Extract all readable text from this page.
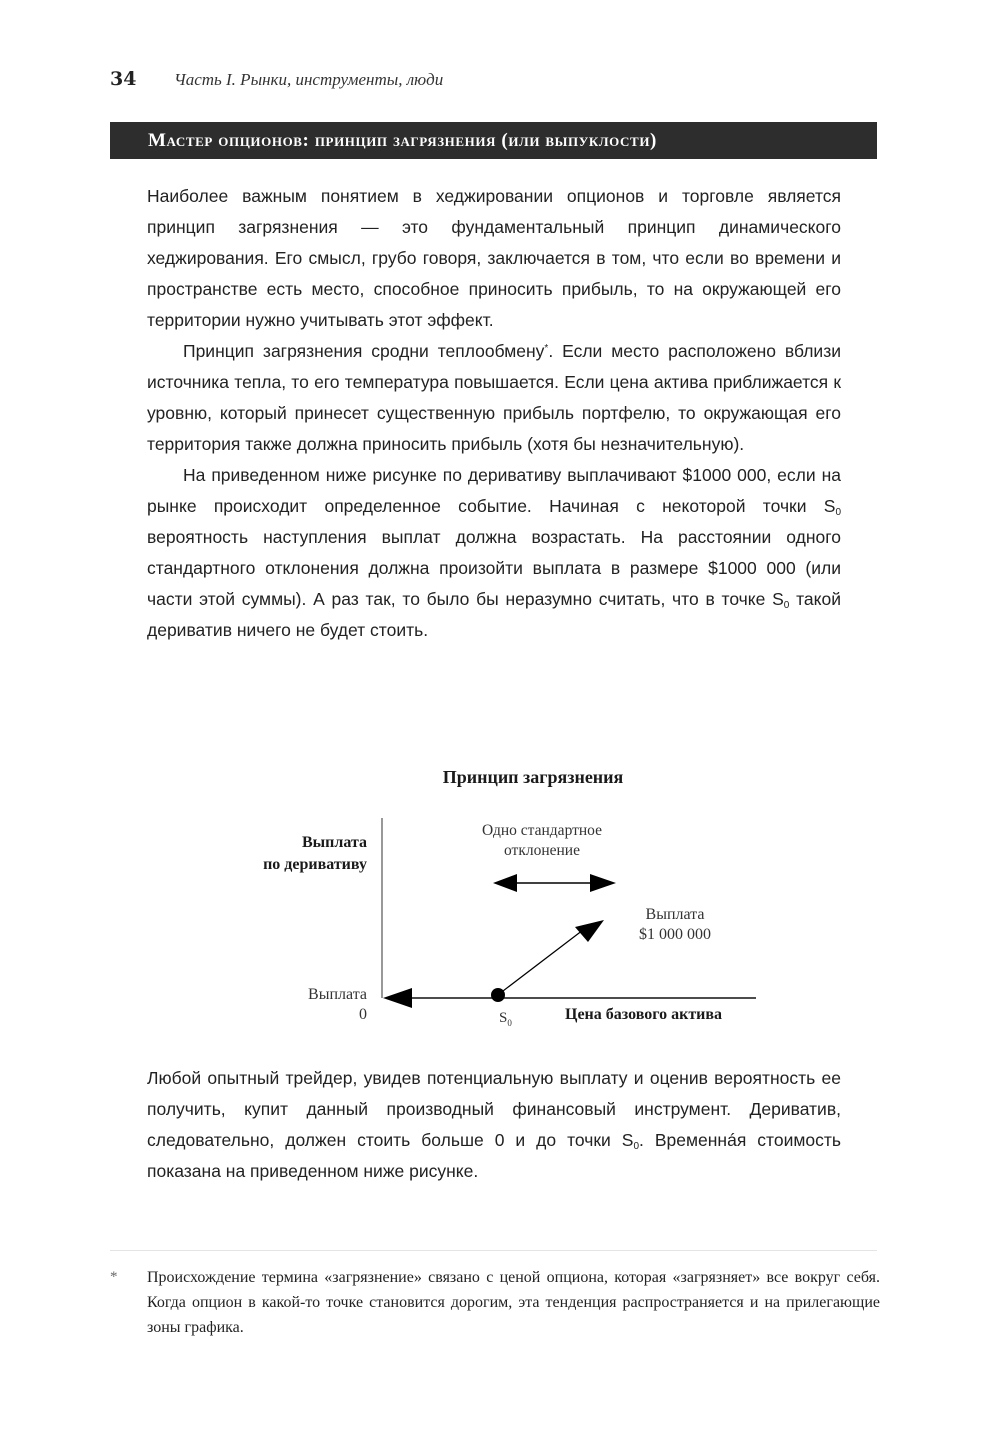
34	Часть I. Рынки, инструменты, люди
Мастер опционов: принцип загрязнения (или выпуклости)

Наиболее важным понятием в хеджировании опционов и торговле является принцип загрязнения — это фундаментальный принцип динамического хеджирования. Его смысл, грубо говоря, заключается в том, что если во времени и пространстве есть место, способное приносить прибыль, то на окружающей его территории нужно учитывать этот эффект.

Принцип загрязнения сродни теплообмену*. Если место расположено вблизи источника тепла, то его температура повышается. Если цена актива приближается к уровню, который принесет существенную прибыль портфелю, то окружающая его территория также должна приносить прибыль (хотя бы незначительную).

На приведенном ниже рисунке по деривативу выплачивают $1000 000, если на рынке происходит определенное событие. Начиная с некоторой точки $S_0$ вероятность наступления выплат должна возрастать. На расстоянии одного стандартного отклонения должна произойти выплата в размере $1000 000 (или части этой суммы). А раз так, то было бы неразумно считать, что в точке $S_0$ такой дериватив ничего не будет стоить.

Принцип загрязнения
Выплата
по деривативу
Одно стандартное
отклонение
Выплата
$1 000 000
Выплата
0	$S_0$	Цена базового актива

Любой опытный трейдер, увидев потенциальную выплату и оценив вероятность ее получить, купит данный производный финансовый инструмент. Дериватив, следовательно, должен стоить больше 0 и до точки $S_0$. Временнáя стоимость показана на приведенном ниже рисунке.

*	Происхождение термина «загрязнение» связано с ценой опциона, которая «загрязняет» все вокруг себя. Когда опцион в какой-то точке становится дорогим, эта тенденция распространяется и на прилегающие зоны графика.
